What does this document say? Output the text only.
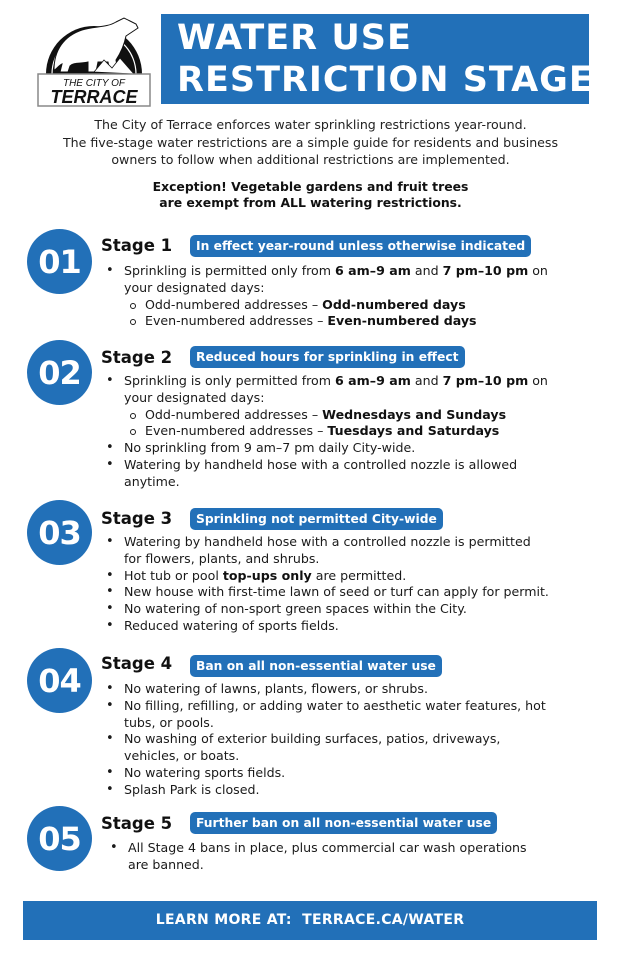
THE CITY OF
TERRACE
WATER USE
RESTRICTION STAGES
The City of Terrace enforces water sprinkling restrictions year-round.
The five-stage water restrictions are a simple guide for residents and business
owners to follow when additional restrictions are implemented.
Exception! Vegetable gardens and fruit trees
are exempt from ALL watering restrictions.
01	Stage 1	In effect year-round unless otherwise indicated
• Sprinkling is permitted only from 6 am–9 am and 7 pm–10 pm on
your designated days:
Odd-numbered addresses – Odd-numbered days
Even-numbered addresses – Even-numbered days
02	Stage 2	Reduced hours for sprinkling in effect
• Sprinkling is only permitted from 6 am–9 am and 7 pm–10 pm on
your designated days:
Odd-numbered addresses – Wednesdays and Sundays
Even-numbered addresses – Tuesdays and Saturdays
• No sprinkling from 9 am–7 pm daily City-wide.
• Watering by handheld hose with a controlled nozzle is allowed
anytime.
03	Stage 3	Sprinkling not permitted City-wide
• Watering by handheld hose with a controlled nozzle is permitted
for flowers, plants, and shrubs.
• Hot tub or pool top-ups only are permitted.
• New house with first-time lawn of seed or turf can apply for permit.
• No watering of non-sport green spaces within the City.
• Reduced watering of sports fields.
04	Stage 4	Ban on all non-essential water use
• No watering of lawns, plants, flowers, or shrubs.
• No filling, refilling, or adding water to aesthetic water features, hot
tubs, or pools.
• No washing of exterior building surfaces, patios, driveways,
vehicles, or boats.
• No watering sports fields.
• Splash Park is closed.
05	Stage 5	Further ban on all non-essential water use
• All Stage 4 bans in place, plus commercial car wash operations
are banned.
LEARN MORE AT:  TERRACE.CA/WATER
